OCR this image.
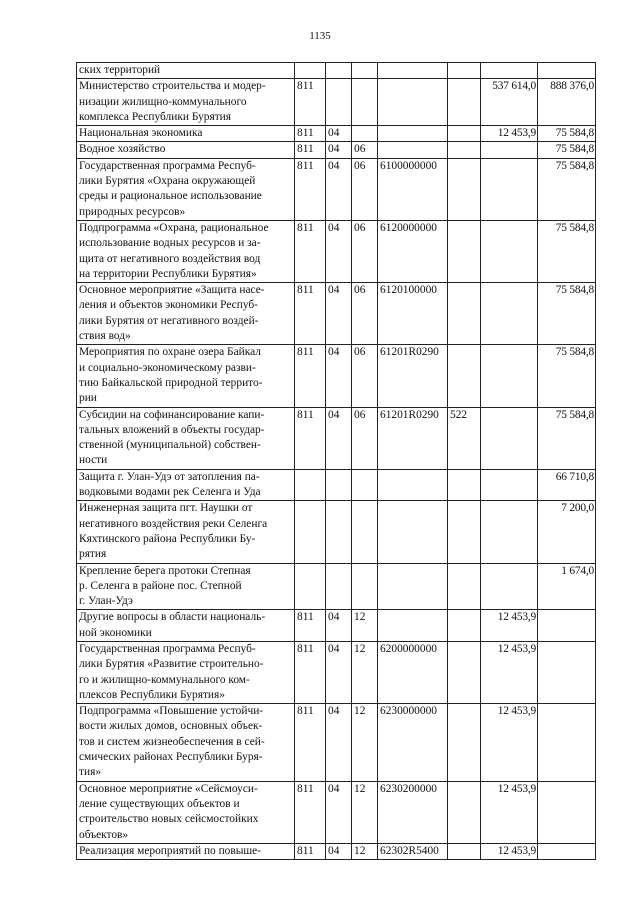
1135
ских территорий							
Министерство строительства и модер-
низации жилищно-коммунального
комплекса Республики Бурятия	811					537 614,0	888 376,0
Национальная экономика	811	04				12 453,9	75 584,8
Водное хозяйство	811	04	06				75 584,8
Государственная программа Респуб-
лики Бурятия «Охрана окружающей
среды и рациональное использование
природных ресурсов»	811	04	06	6100000000			75 584,8
Подпрограмма «Охрана, рациональное
использование водных ресурсов и за-
щита от негативного воздействия вод
на территории Республики Бурятия»	811	04	06	6120000000			75 584,8
Основное мероприятие «Защита насе-
ления и объектов экономики Респуб-
лики Бурятия от негативного воздей-
ствия вод»	811	04	06	6120100000			75 584,8
Мероприятия по охране озера Байкал
и социально-экономическому разви-
тию Байкальской природной террито-
рии	811	04	06	61201R0290			75 584,8
Субсидии на софинансирование капи-
тальных вложений в объекты государ-
ственной (муниципальной) собствен-
ности	811	04	06	61201R0290	522		75 584,8
Защита г. Улан-Удэ от затопления па-
водковыми водами рек Селенга и Уда							66 710,8
Инженерная защита пгт. Наушки от
негативного воздействия реки Селенга
Кяхтинского района Республики Бу-
рятия							7 200,0
Крепление берега протоки Степная
р. Селенга в районе пос. Степной
г. Улан-Удэ							1 674,0
Другие вопросы в области националь-
ной экономики	811	04	12			12 453,9	
Государственная программа Респуб-
лики Бурятия «Развитие строительно-
го и жилищно-коммунального ком-
плексов Республики Бурятия»	811	04	12	6200000000		12 453,9	
Подпрограмма «Повышение устойчи-
вости жилых домов, основных объек-
тов и систем жизнеобеспечения в сей-
смических районах Республики Буря-
тия»	811	04	12	6230000000		12 453,9	
Основное мероприятие «Сейсмоуси-
ление существующих объектов и
строительство новых сейсмостойких
объектов»	811	04	12	6230200000		12 453,9	
Реализация мероприятий по повыше-	811	04	12	62302R5400		12 453,9	
